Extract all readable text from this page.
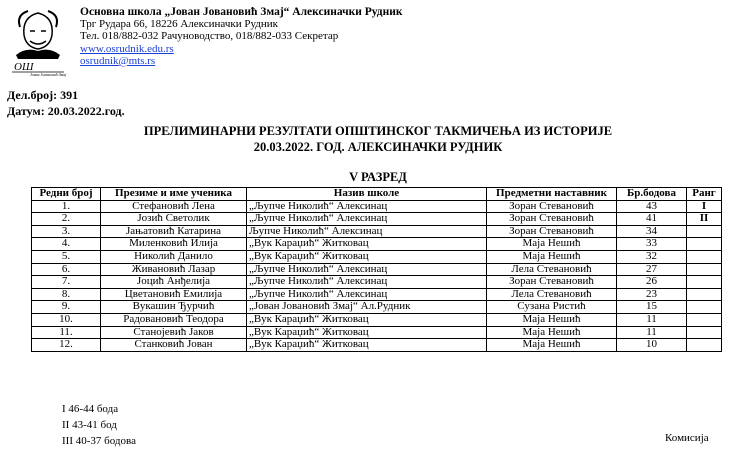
ОШ
Јован Јовановић Змај
Основна школа „Јован Јовановић Змај“ Алексиначки Рудник
Трг Рудара 66, 18226 Алексиначки Рудник
Тел. 018/882-032 Рачуноводство, 018/882-033 Секретар
www.osrudnik.edu.rs
osrudnik@mts.rs
Дел.број: 391
Датум: 20.03.2022.год.
ПРЕЛИМИНАРНИ РЕЗУЛТАТИ ОПШТИНСКОГ ТАКМИЧЕЊА ИЗ ИСТОРИЈЕ
20.03.2022. ГОД. АЛЕКСИНАЧКИ РУДНИК
V РАЗРЕД
Редни број	Презиме и име ученика	Назив школе	Предметни наставник	Бр.бодова	Ранг
1.	Стефановић Лена	„Љупче Николић“ Алексинац	Зоран Стевановић	43	I
2.	Јозић Светолик	„Љупче Николић“ Алексинац	Зоран Стевановић	41	II
3.	Јањатовић Катарина	Љупче Николић“ Алексинац	Зоран Стевановић	34	
4.	Миленковић Илија	„Вук Караџић“ Житковац	Маја Нешић	33	
5.	Николић Данило	„Вук Караџић“ Житковац	Маја Нешић	32	
6.	Живановић Лазар	„Љупче Николић“ Алексинац	Лела Стевановић	27	
7.	Јоцић Анђелија	„Љупче Николић“ Алексинац	Зоран Стевановић	26	
8.	Цветановић Емилија	„Љупче Николић“ Алексинац	Лела Стевановић	23	
9.	Вукашин Ђурчић	„Јован Јовановић Змај“ Ал.Рудник	Сузана Ристић	15	
10.	Радовановић Теодора	„Вук Караџић“ Житковац	Маја Нешић	11	
11.	Станојевић Јаков	„Вук Караџић“ Житковац	Маја Нешић	11	
12.	Станковић Јован	„Вук Караџић“ Житковац	Маја Нешић	10	
I 46-44 бода
II 43-41 бод
III 40-37 бодова	Комисија
